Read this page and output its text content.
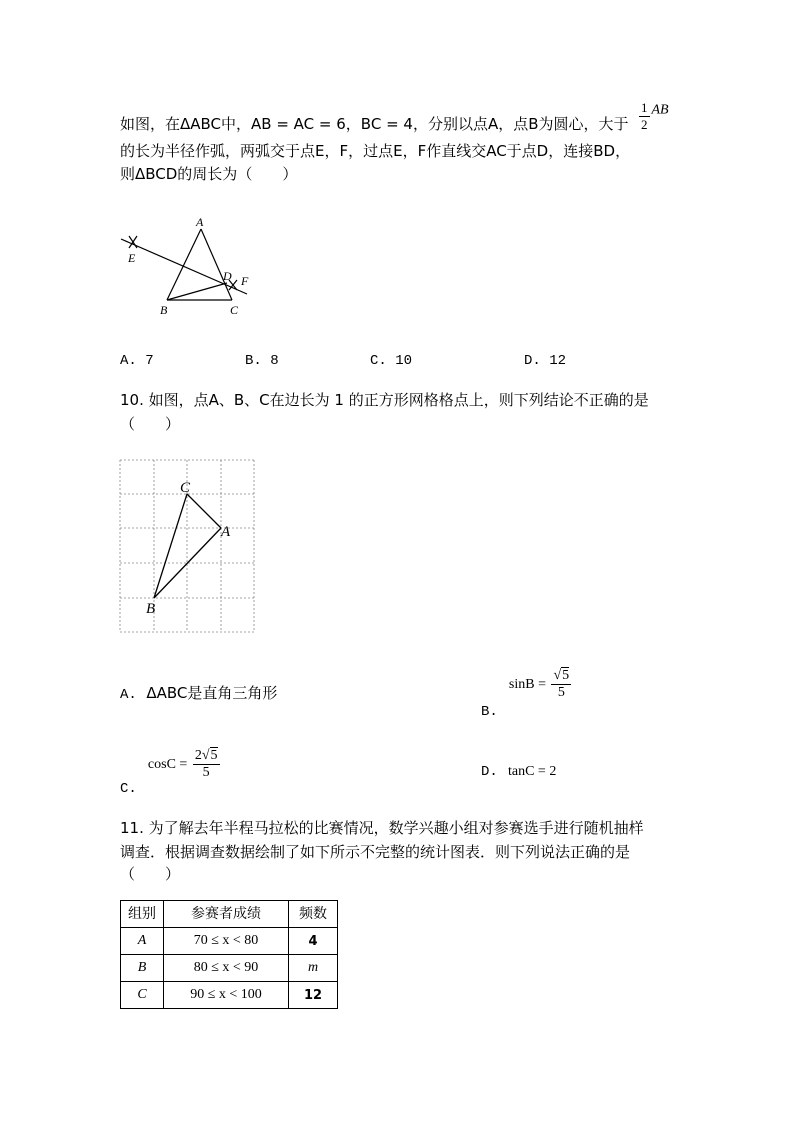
如图，在ΔABC中，AB = AC = 6，BC = 4，分别以点A，点B为圆心，大于 $\frac{1}{2}$ AB
的长为半径作弧，两弧交于点E，F，过点E，F作直线交AC于点D，连接BD，
则ΔBCD的周长为（　　）
A
B	C
D
E
F
A. 7	B. 8	C. 10	D. 12
10. 如图，点A、B、C在边长为 1 的正方形网格格点上，则下列结论不正确的是
（　　）
C
A
B
A. ΔABC是直角三角形
B. $\sin B = \frac{√5}{5}$
C. $\cos C = \frac{2√5}{5}$	D. tanC = 2
11. 为了解去年半程马拉松的比赛情况，数学兴趣小组对参赛选手进行随机抽样
调查．根据调查数据绘制了如下所示不完整的统计图表．则下列说法正确的是
（　　）
组别	参赛者成绩	频数
A	70 ≤ x < 80	4
B	80 ≤ x < 90	m
C	90 ≤ x < 100	12
